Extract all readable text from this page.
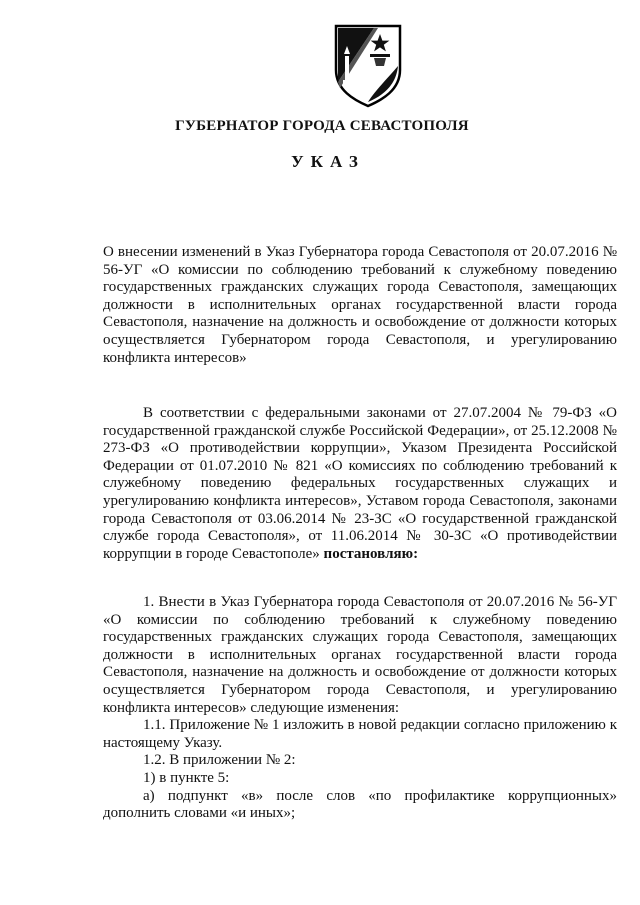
ГУБЕРНАТОР ГОРОДА СЕВАСТОПОЛЯ
УКАЗ

О внесении изменений в Указ Губернатора города Севастополя от 20.07.2016 № 56-УГ «О комиссии по соблюдению требований к служебному поведению государственных гражданских служащих города Севастополя, замещающих должности в исполнительных органах государственной власти города Севастополя, назначение на должность и освобождение от должности которых осуществляется Губернатором города Севастополя, и урегулированию конфликта интересов»

В соответствии с федеральными законами от 27.07.2004 № 79-ФЗ «О государственной гражданской службе Российской Федерации», от 25.12.2008 № 273-ФЗ «О противодействии коррупции», Указом Президента Российской Федерации от 01.07.2010 № 821 «О комиссиях по соблюдению требований к служебному поведению федеральных государственных служащих и урегулированию конфликта интересов», Уставом города Севастополя, законами города Севастополя от 03.06.2014 № 23-ЗС «О государственной гражданской службе города Севастополя», от 11.06.2014 № 30-ЗС «О противодействии коррупции в городе Севастополе» постановляю:

1. Внести в Указ Губернатора города Севастополя от 20.07.2016 № 56-УГ «О комиссии по соблюдению требований к служебному поведению государственных гражданских служащих города Севастополя, замещающих должности в исполнительных органах государственной власти города Севастополя, назначение на должность и освобождение от должности которых осуществляется Губернатором города Севастополя, и урегулированию конфликта интересов» следующие изменения:

1.1. Приложение № 1 изложить в новой редакции согласно приложению к настоящему Указу.

1.2. В приложении № 2:

1) в пункте 5:

а) подпункт «в» после слов «по профилактике коррупционных» дополнить словами «и иных»;
